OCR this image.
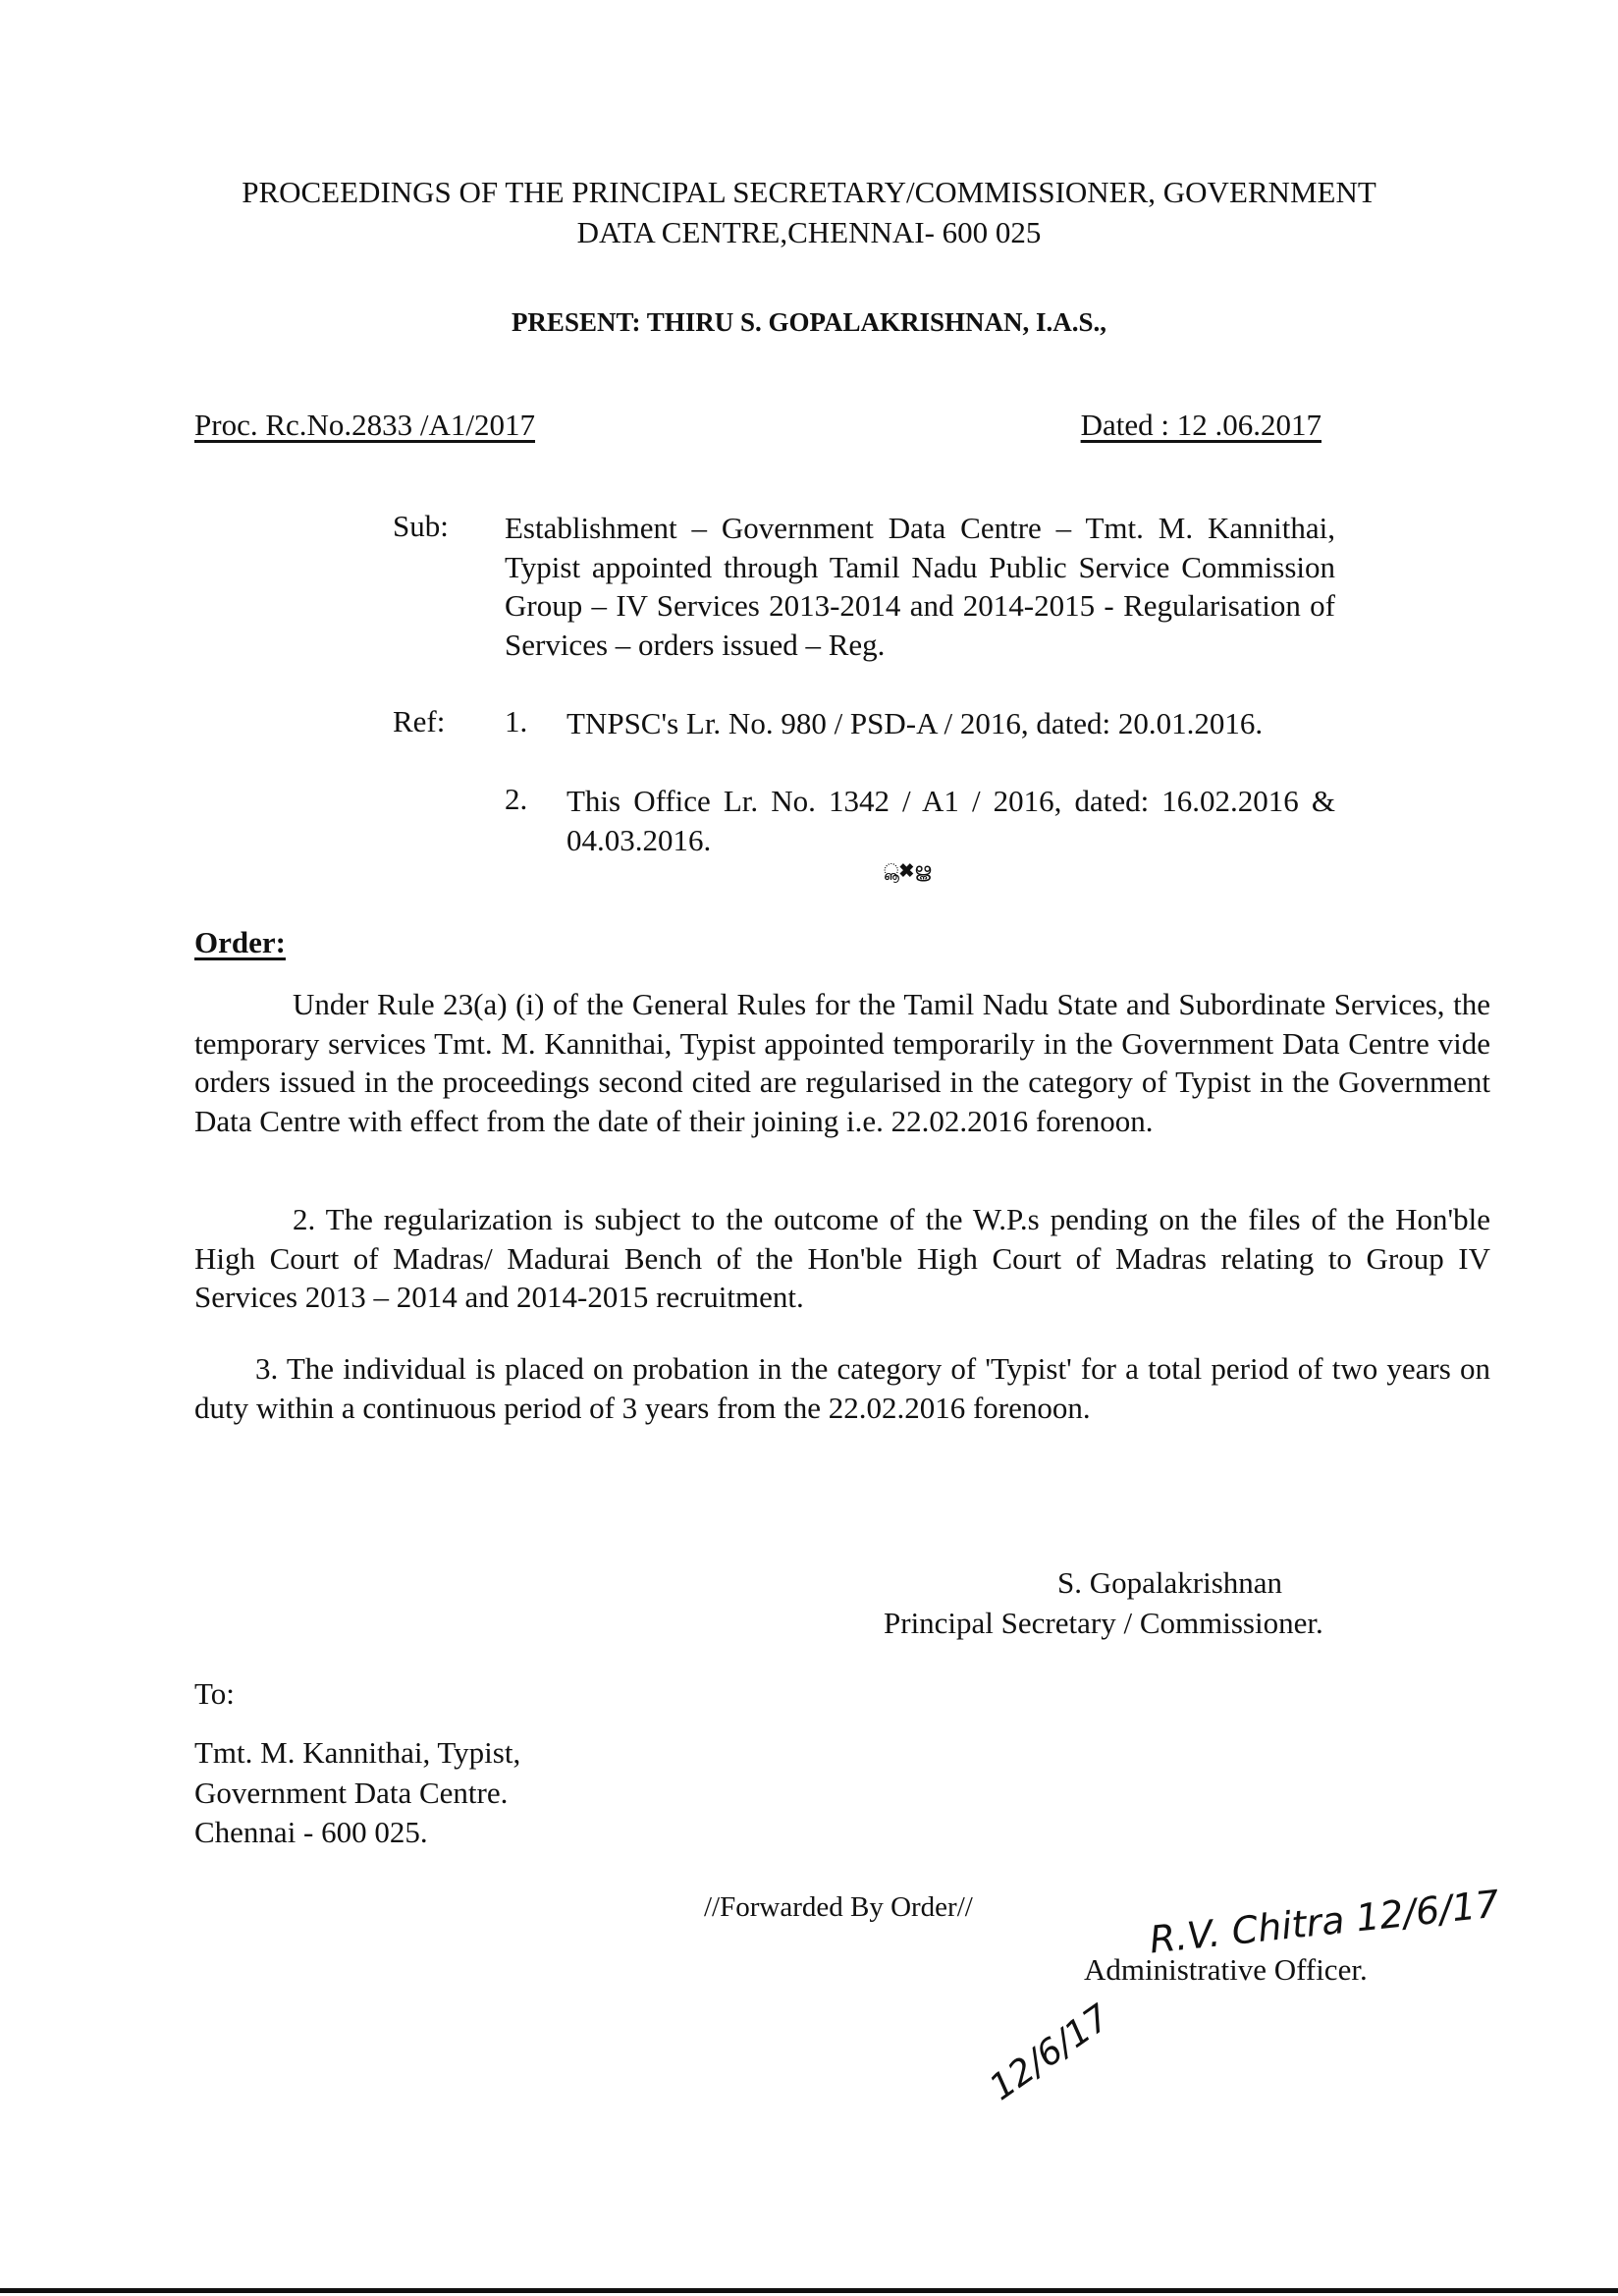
PROCEEDINGS OF THE PRINCIPAL SECRETARY/COMMISSIONER, GOVERNMENT
DATA CENTRE,CHENNAI- 600 025
PRESENT: THIRU S. GOPALAKRISHNAN, I.A.S.,
Proc. Rc.No.2833 /A1/2017	Dated : 12 .06.2017
Sub: Establishment – Government Data Centre – Tmt. M. Kannithai, Typist appointed through Tamil Nadu Public Service Commission Group – IV Services 2013-2014 and 2014-2015 - Regularisation of Services – orders issued – Reg.

Ref: 1. TNPSC's Lr. No. 980 / PSD-A / 2016, dated: 20.01.2016.

2. This Office Lr. No. 1342 / A1 / 2016, dated: 16.02.2016 & 04.03.2016.

ൣ✖ൠ
Order:

Under Rule 23(a) (i) of the General Rules for the Tamil Nadu State and Subordinate Services, the temporary services Tmt. M. Kannithai, Typist appointed temporarily in the Government Data Centre vide orders issued in the proceedings second cited are regularised in the category of Typist in the Government Data Centre with effect from the date of their joining i.e. 22.02.2016 forenoon.

2. The regularization is subject to the outcome of the W.P.s pending on the files of the Hon'ble High Court of Madras/ Madurai Bench of the Hon'ble High Court of Madras relating to Group IV Services 2013 – 2014 and 2014-2015 recruitment.

3. The individual is placed on probation in the category of 'Typist' for a total period of two years on duty within a continuous period of 3 years from the 22.02.2016 forenoon.

S. Gopalakrishnan
Principal Secretary / Commissioner.
To:
Tmt. M. Kannithai, Typist,
Government Data Centre.
Chennai - 600 025.
//Forwarded By Order//	R.V. Chitra 12/6/17
Administrative Officer.
12/6/17
